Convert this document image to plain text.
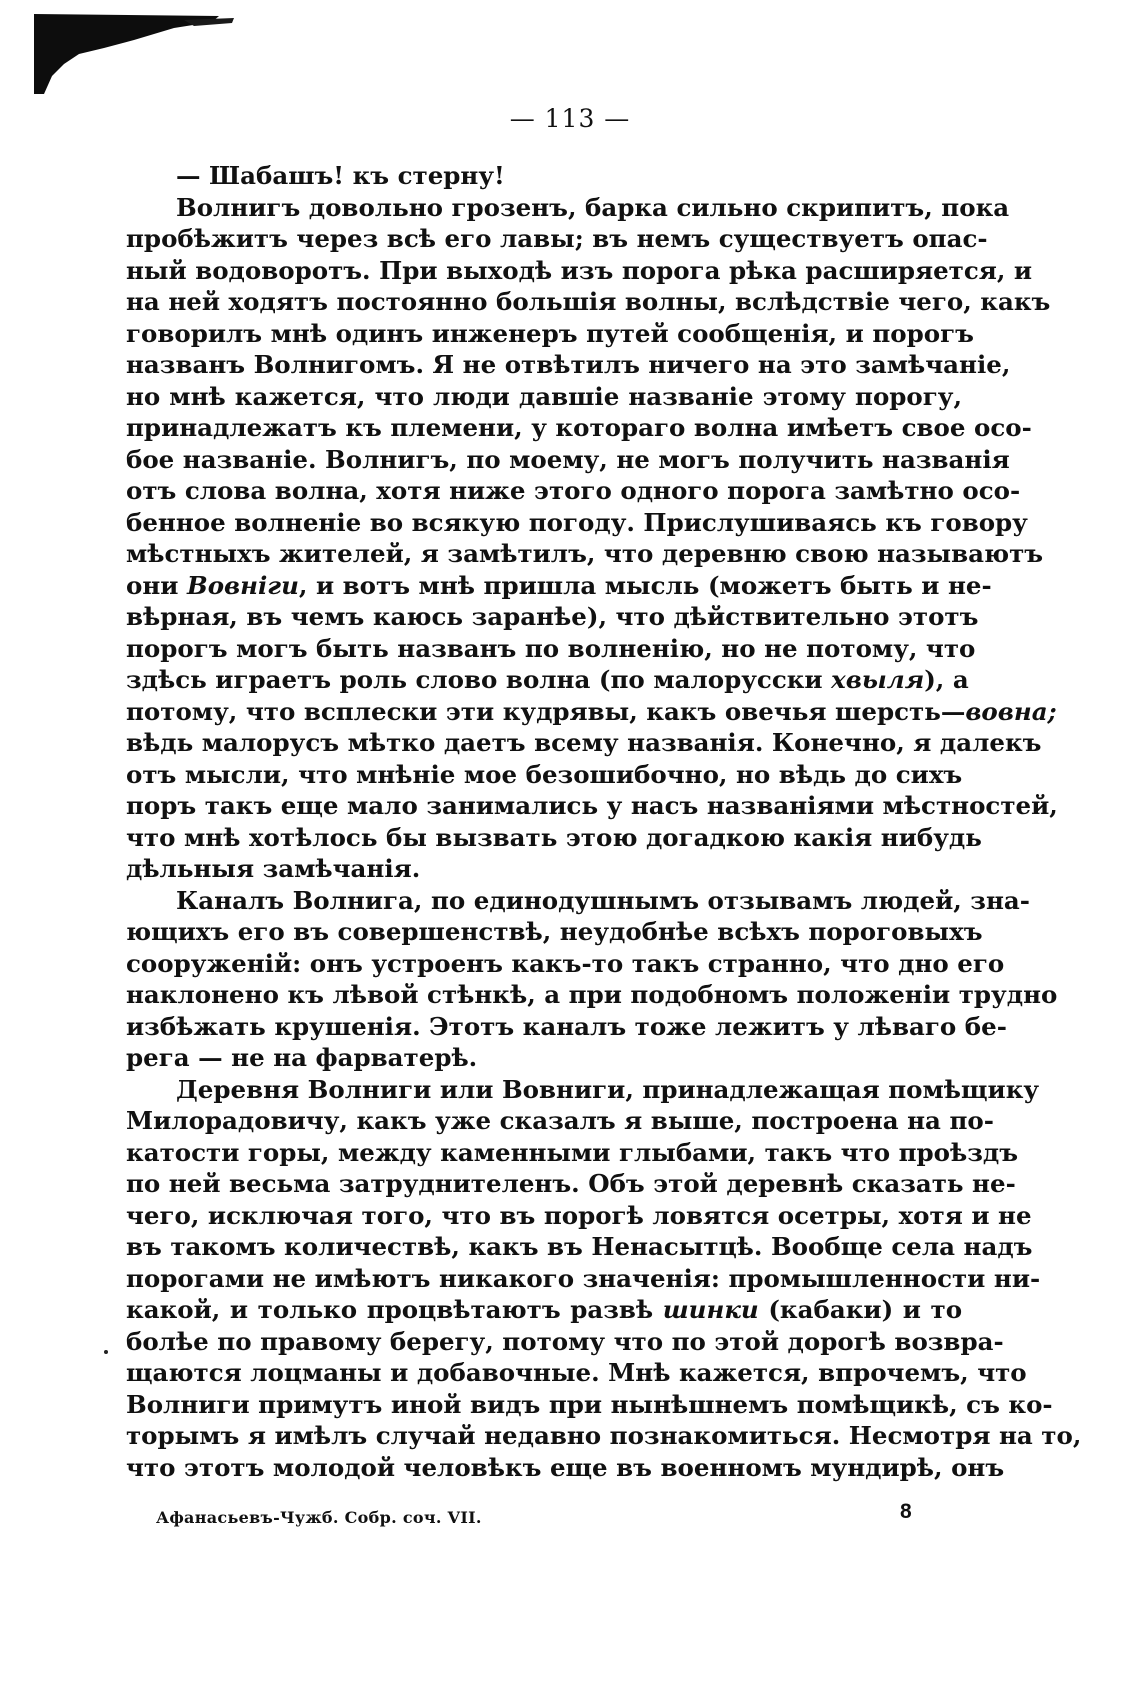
— 113 —
— Шабашъ! къ стерну!
Волнигъ довольно грозенъ, барка сильно скрипитъ, пока
пробѣжитъ через всѣ его лавы; въ немъ существуетъ опас-
ный водоворотъ. При выходѣ изъ порога рѣка расширяется, и
на ней ходятъ постоянно большія волны, вслѣдствіе чего, какъ
говорилъ мнѣ одинъ инженеръ путей сообщенія, и порогъ
названъ Волнигомъ. Я не отвѣтилъ ничего на это замѣчаніе,
но мнѣ кажется, что люди давшіе названіе этому порогу,
принадлежатъ къ племени, у котораго волна имѣетъ свое осо-
бое названіе. Волнигъ, по моему, не могъ получить названія
отъ слова волна, хотя ниже этого одного порога замѣтно осо-
бенное волненіе во всякую погоду. Прислушиваясь къ говору
мѣстныхъ жителей, я замѣтилъ, что деревню свою называютъ
они Вовнiги, и вотъ мнѣ пришла мысль (можетъ быть и не-
вѣрная, въ чемъ каюсь заранѣе), что дѣйствительно этотъ
порогъ могъ быть названъ по волненію, но не потому, что
здѣсь играетъ роль слово волна (по малорусски хвыля), а
потому, что всплески эти кудрявы, какъ овечья шерсть—вовна;
вѣдь малорусъ мѣтко даетъ всему названія. Конечно, я далекъ
отъ мысли, что мнѣніе мое безошибочно, но вѣдь до сихъ
поръ такъ еще мало занимались у насъ названіями мѣстностей,
что мнѣ хотѣлось бы вызвать этою догадкою какія нибудь
дѣльныя замѣчанія.
Каналъ Волнига, по единодушнымъ отзывамъ людей, зна-
ющихъ его въ совершенствѣ, неудобнѣе всѣхъ пороговыхъ
сооруженій: онъ устроенъ какъ-то такъ странно, что дно его
наклонено къ лѣвой стѣнкѣ, а при подобномъ положеніи трудно
избѣжать крушенія. Этотъ каналъ тоже лежитъ у лѣваго бе-
рега — не на фарватерѣ.
Деревня Волниги или Вовниги, принадлежащая помѣщику
Милорадовичу, какъ уже сказалъ я выше, построена на по-
катости горы, между каменными глыбами, такъ что проѣздъ
по ней весьма затруднителенъ. Объ этой деревнѣ сказать не-
чего, исключая того, что въ порогѣ ловятся осетры, хотя и не
въ такомъ количествѣ, какъ въ Ненасытцѣ. Вообще села надъ
порогами не имѣютъ никакого значенія: промышленности ни-
какой, и только процвѣтаютъ развѣ шинки (кабаки) и то
болѣе по правому берегу, потому что по этой дорогѣ возвра-
щаются лоцманы и добавочные. Мнѣ кажется, впрочемъ, что
Волниги примутъ иной видъ при нынѣшнемъ помѣщикѣ, съ ко-
торымъ я имѣлъ случай недавно познакомиться. Несмотря на то,
что этотъ молодой человѣкъ еще въ военномъ мундирѣ, онъ
Афанасьевъ-Чужб. Собр. соч. VII.	8
